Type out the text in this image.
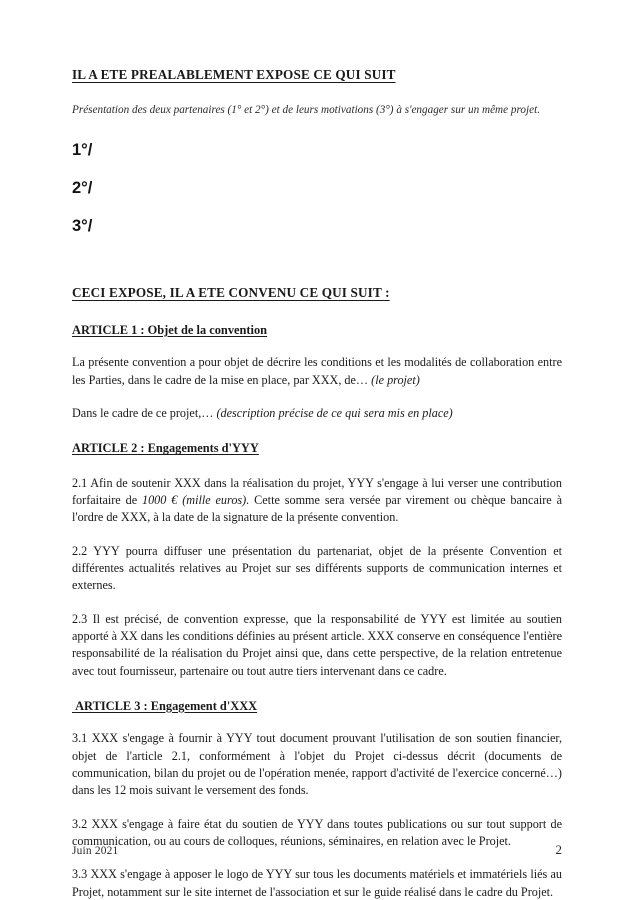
IL A ETE PREALABLEMENT EXPOSE CE QUI SUIT

Présentation des deux partenaires (1° et 2°) et de leurs motivations (3°) à s'engager sur un même projet.

1°/

2°/

3°/

CECI EXPOSE, IL A ETE CONVENU CE QUI SUIT :
ARTICLE 1 : Objet de la convention

La présente convention a pour objet de décrire les conditions et les modalités de collaboration entre les Parties, dans le cadre de la mise en place, par XXX, de… (le projet)

Dans le cadre de ce projet,… (description précise de ce qui sera mis en place)

ARTICLE 2 : Engagements d'YYY

2.1 Afin de soutenir XXX dans la réalisation du projet, YYY s'engage à lui verser une contribution forfaitaire de 1000 € (mille euros). Cette somme sera versée par virement ou chèque bancaire à l'ordre de XXX, à la date de la signature de la présente convention.

2.2 YYY pourra diffuser une présentation du partenariat, objet de la présente Convention et différentes actualités relatives au Projet sur ses différents supports de communication internes et externes.

2.3 Il est précisé, de convention expresse, que la responsabilité de YYY est limitée au soutien apporté à XX dans les conditions définies au présent article. XXX conserve en conséquence l'entière responsabilité de la réalisation du Projet ainsi que, dans cette perspective, de la relation entretenue avec tout fournisseur, partenaire ou tout autre tiers intervenant dans ce cadre.

ARTICLE 3 : Engagement d'XXX

3.1 XXX s'engage à fournir à YYY tout document prouvant l'utilisation de son soutien financier, objet de l'article 2.1, conformément à l'objet du Projet ci-dessus décrit (documents de communication, bilan du projet ou de l'opération menée, rapport d'activité de l'exercice concerné…) dans les 12 mois suivant le versement des fonds.

3.2 XXX s'engage à faire état du soutien de YYY dans toutes publications ou sur tout support de communication, ou au cours de colloques, réunions, séminaires, en relation avec le Projet.

3.3 XXX s'engage à apposer le logo de YYY sur tous les documents matériels et immatériels liés au Projet, notamment sur le site internet de l'association et sur le guide réalisé dans le cadre du Projet.

Juin 2021	2
